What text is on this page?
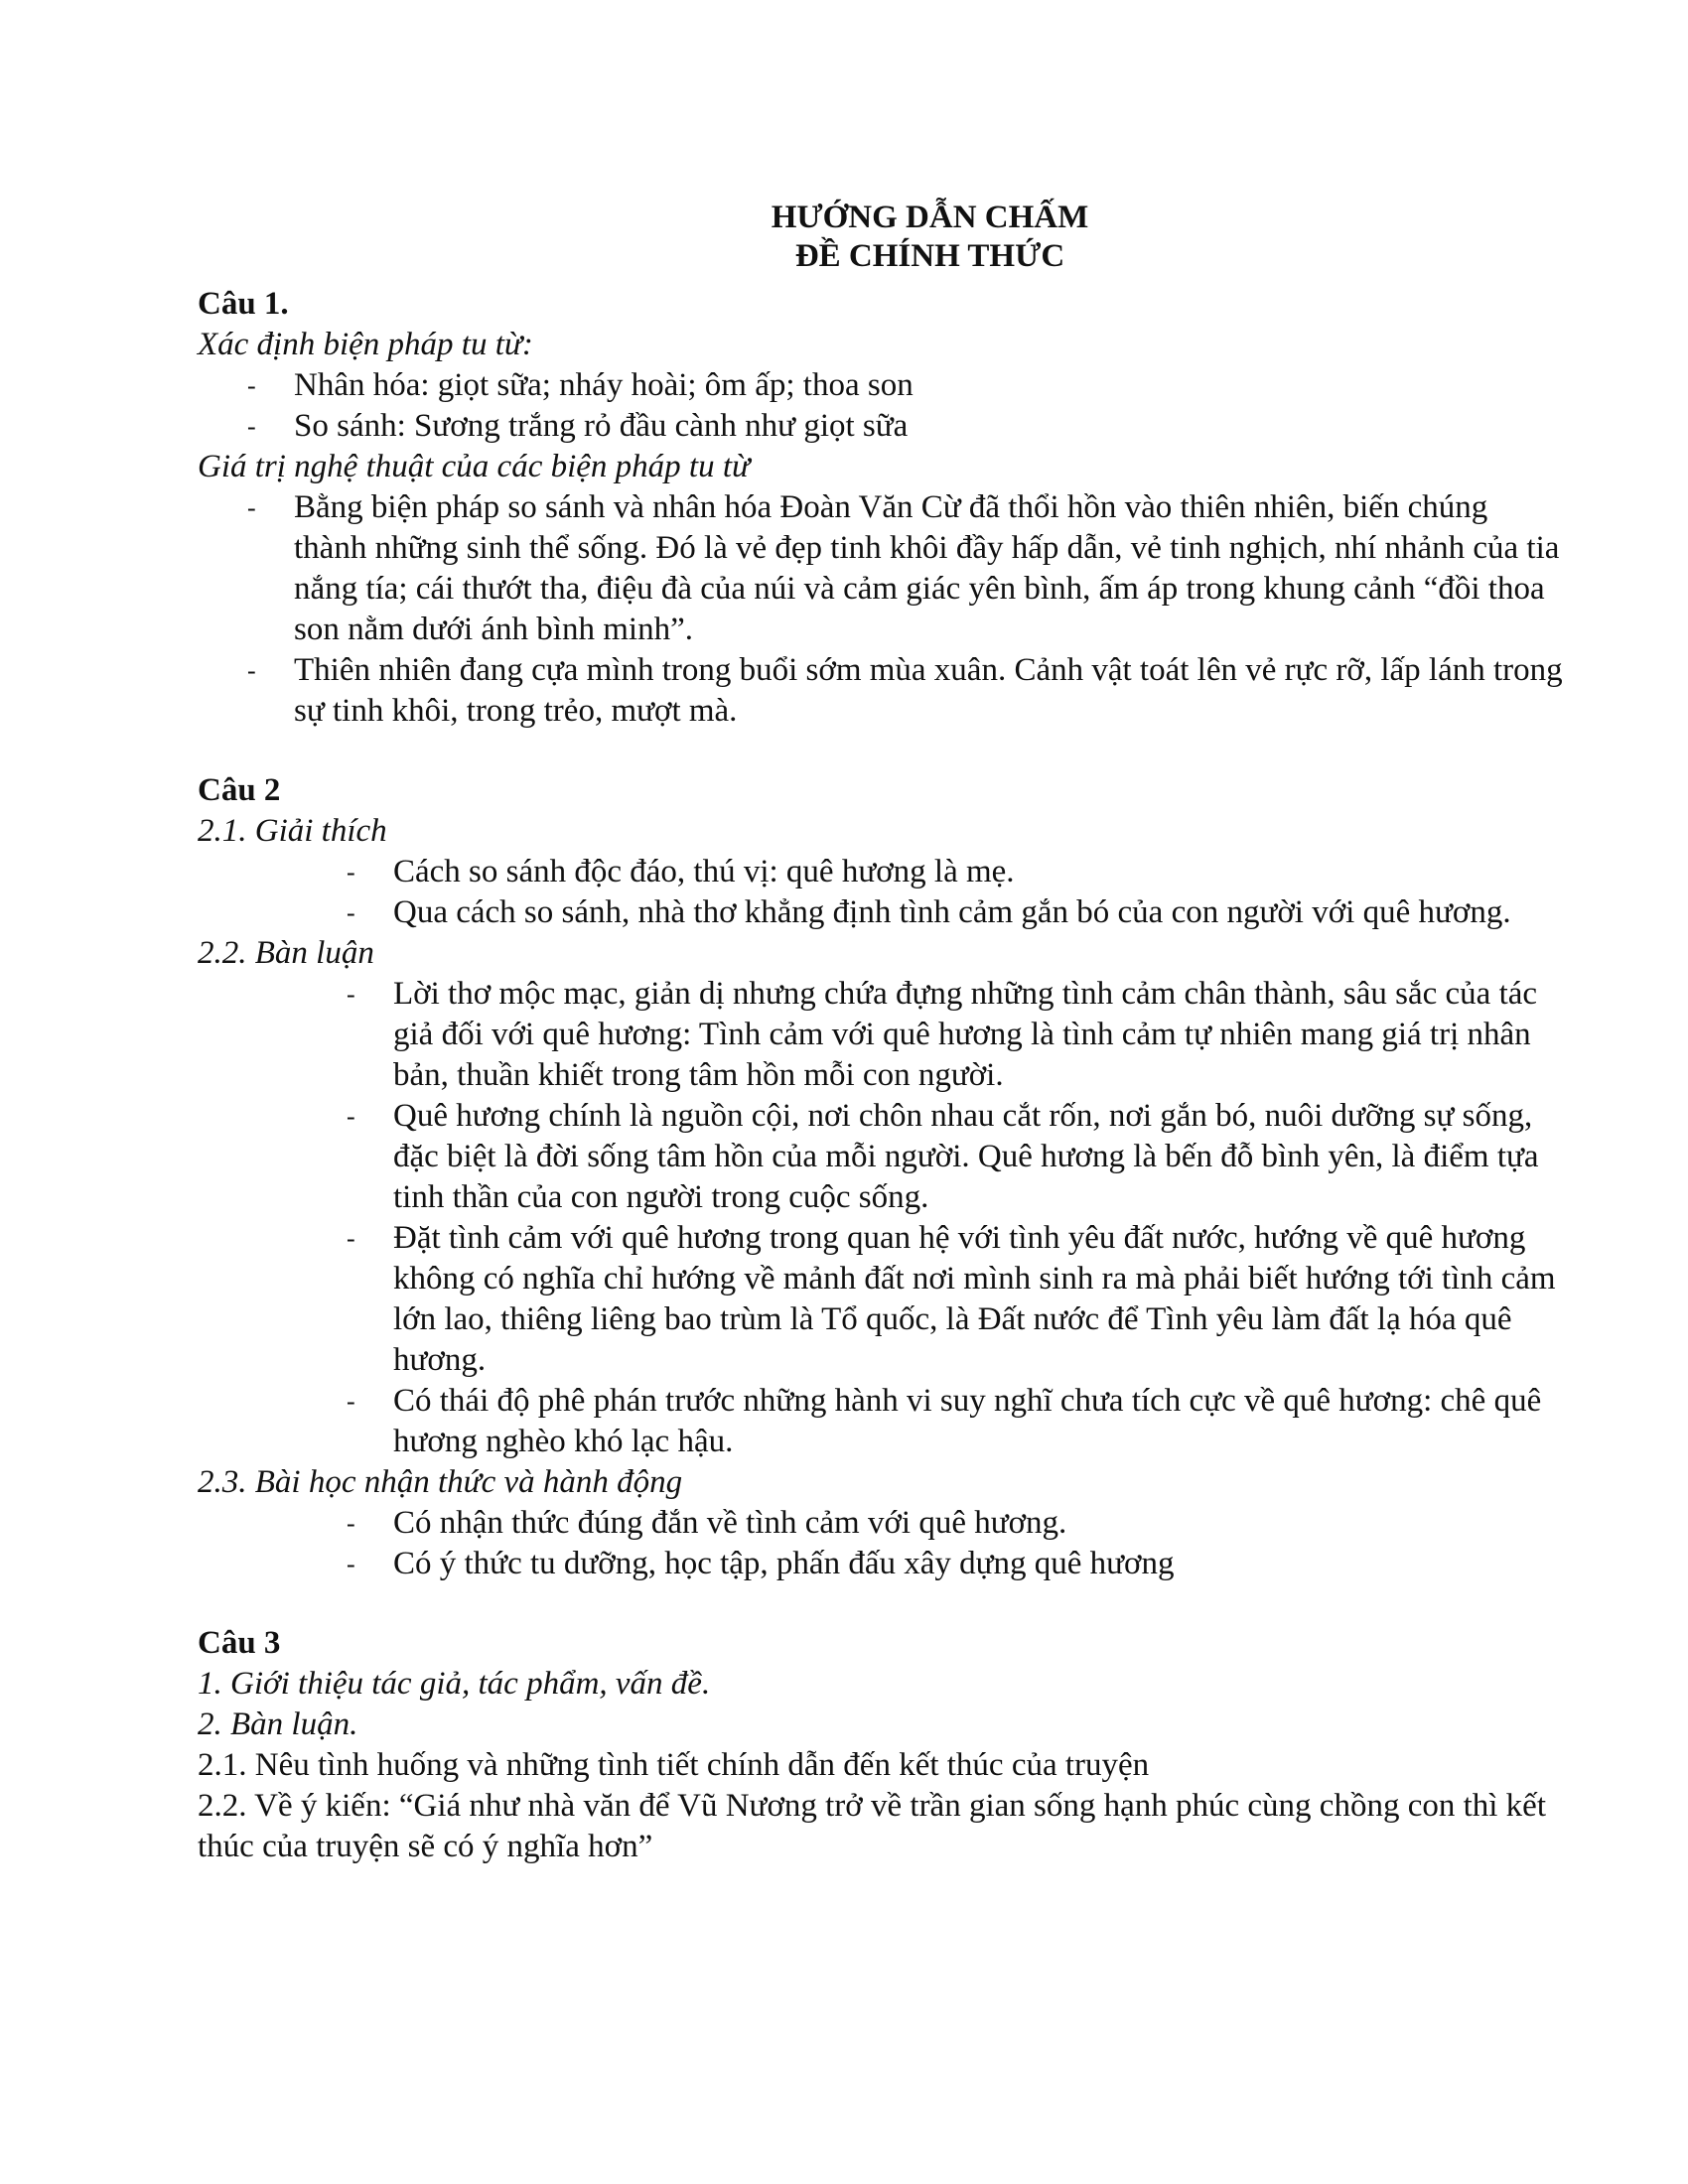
HƯỚNG DẪN CHẤM
ĐỀ CHÍNH THỨC

Câu 1.

Xác định biện pháp tu từ:

- Nhân hóa: giọt sữa; nháy hoài; ôm ấp; thoa son
- So sánh: Sương trắng rỏ đầu cành như giọt sữa

Giá trị nghệ thuật của các biện pháp tu từ

- Bằng biện pháp so sánh và nhân hóa Đoàn Văn Cừ đã thổi hồn vào thiên nhiên, biến chúng thành những sinh thể sống. Đó là vẻ đẹp tinh khôi đầy hấp dẫn, vẻ tinh nghịch, nhí nhảnh của tia nắng tía; cái thướt tha, điệu đà của núi và cảm giác yên bình, ấm áp trong khung cảnh “đồi thoa son nằm dưới ánh bình minh”.
- Thiên nhiên đang cựa mình trong buổi sớm mùa xuân. Cảnh vật toát lên vẻ rực rỡ, lấp lánh trong sự tinh khôi, trong trẻo, mượt mà.

Câu 2

2.1. Giải thích

- Cách so sánh độc đáo, thú vị: quê hương là mẹ.
- Qua cách so sánh, nhà thơ khẳng định tình cảm gắn bó của con người với quê hương.

2.2. Bàn luận

- Lời thơ mộc mạc, giản dị nhưng chứa đựng những tình cảm chân thành, sâu sắc của tác giả đối với quê hương: Tình cảm với quê hương là tình cảm tự nhiên mang giá trị nhân bản, thuần khiết trong tâm hồn mỗi con người.
- Quê hương chính là nguồn cội, nơi chôn nhau cắt rốn, nơi gắn bó, nuôi dưỡng sự sống, đặc biệt là đời sống tâm hồn của mỗi người. Quê hương là bến đỗ bình yên, là điểm tựa tinh thần của con người trong cuộc sống.
- Đặt tình cảm với quê hương trong quan hệ với tình yêu đất nước, hướng về quê hương không có nghĩa chỉ hướng về mảnh đất nơi mình sinh ra mà phải biết hướng tới tình cảm lớn lao, thiêng liêng bao trùm là Tổ quốc, là Đất nước để Tình yêu làm đất lạ hóa quê hương.
- Có thái độ phê phán trước những hành vi suy nghĩ chưa tích cực về quê hương: chê quê hương nghèo khó lạc hậu.

2.3. Bài học nhận thức và hành động

- Có nhận thức đúng đắn về tình cảm với quê hương.
- Có ý thức tu dưỡng, học tập, phấn đấu xây dựng quê hương

Câu 3

1. Giới thiệu tác giả, tác phẩm, vấn đề.

2. Bàn luận.

2.1. Nêu tình huống và những tình tiết chính dẫn đến kết thúc của truyện

2.2. Về ý kiến: “Giá như nhà văn để Vũ Nương trở về trần gian sống hạnh phúc cùng chồng con thì kết thúc của truyện sẽ có ý nghĩa hơn”
